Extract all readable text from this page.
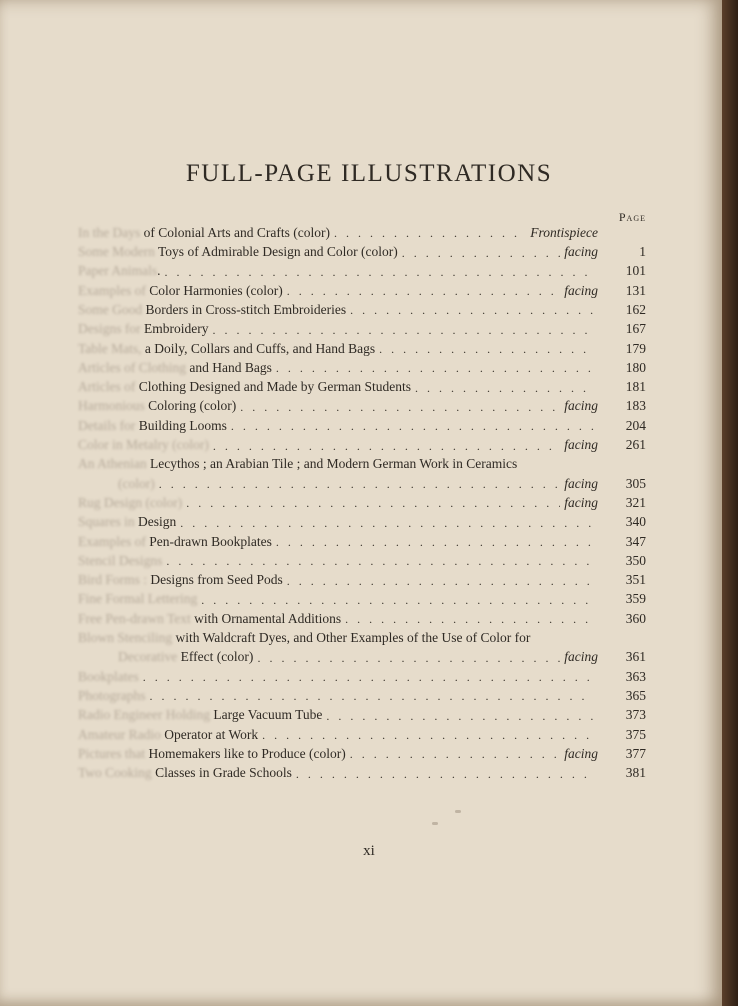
FULL-PAGE ILLUSTRATIONS
Page
In the Days of Colonial Arts and Crafts (color) . . .	Frontispiece
Some Modern Toys of Admirable Design and Color (color) . . .	facing	1
Paper Animals. . . .	101
Examples of Color Harmonies (color) . . .	facing	131
Some Good Borders in Cross-stitch Embroideries . . .	162
Designs for Embroidery . . .	167
Table Mats, a Doily, Collars and Cuffs, and Hand Bags . . .	179
Articles of Clothing and Hand Bags . . .	180
Articles of Clothing Designed and Made by German Students . . .	181
Harmonious Coloring (color) . . .	facing	183
Details for Building Looms . . .	204
Color in Metalry (color) . . .	facing	261
An Athenian Lecythos ; an Arabian Tile ; and Modern German Work in Ceramics
(color) . . .	facing	305
Rug Design (color) . . .	facing	321
Squares in Design . . .	340
Examples of Pen-drawn Bookplates . . .	347
Stencil Designs . . .	350
Bird Forms : Designs from Seed Pods . . .	351
Fine Formal Lettering . . .	359
Free Pen-drawn Text with Ornamental Additions . . .	360
Blown Stenciling with Waldcraft Dyes, and Other Examples of the Use of Color for
Decorative Effect (color) . . .	facing	361
Bookplates . . .	363
Photographs . . .	365
Radio Engineer Holding Large Vacuum Tube . . .	373
Amateur Radio Operator at Work . . .	375
Pictures that Homemakers like to Produce (color) . . .	facing	377
Two Cooking Classes in Grade Schools . . .	381
xi
